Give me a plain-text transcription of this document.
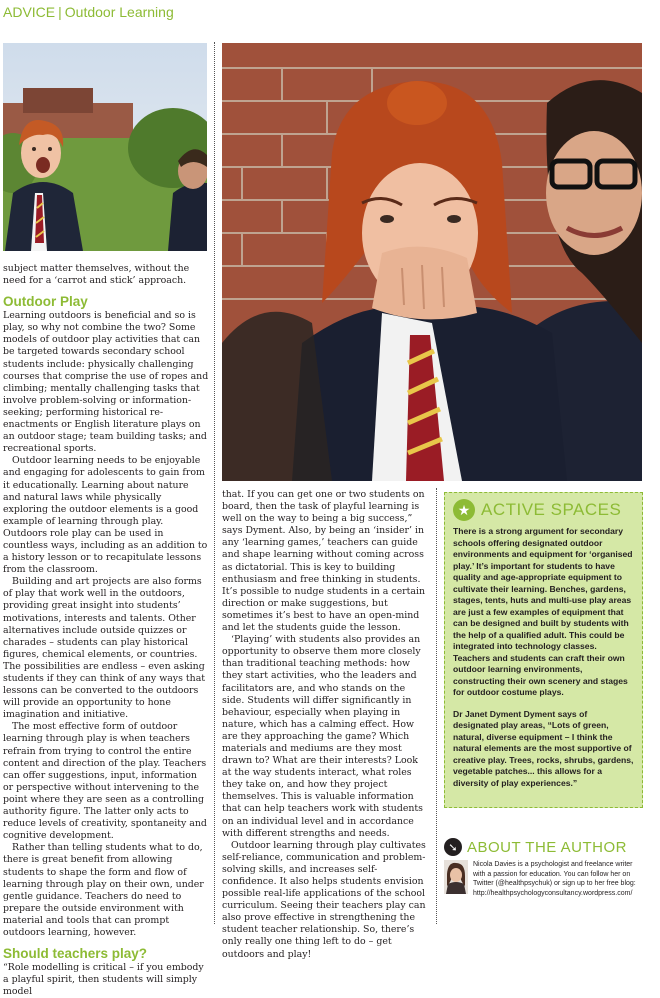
ADVICE | Outdoor Learning

subject matter themselves, without the need for a ‘carrot and stick’ approach.

Outdoor Play

Learning outdoors is beneficial and so is play, so why not combine the two? Some models of outdoor play activities that can be targeted towards secondary school students include: physically challenging courses that comprise the use of ropes and climbing; mentally challenging tasks that involve problem-solving or information-seeking; performing historical re-enactments or English literature plays on an outdoor stage; team building tasks; and recreational sports.

Outdoor learning needs to be enjoyable and engaging for adolescents to gain from it educationally. Learning about nature and natural laws while physically exploring the outdoor elements is a good example of learning through play. Outdoors role play can be used in countless ways, including as an addition to a history lesson or to recapitulate lessons from the classroom.

Building and art projects are also forms of play that work well in the outdoors, providing great insight into students’ motivations, interests and talents. Other alternatives include outside quizzes or charades – students can play historical figures, chemical elements, or countries. The possibilities are endless – even asking students if they can think of any ways that lessons can be converted to the outdoors will provide an opportunity to hone imagination and initiative.

The most effective form of outdoor learning through play is when teachers refrain from trying to control the entire content and direction of the play. Teachers can offer suggestions, input, information or perspective without intervening to the point where they are seen as a controlling authority figure. The latter only acts to reduce levels of creativity, spontaneity and cognitive development.

Rather than telling students what to do, there is great benefit from allowing students to shape the form and flow of learning through play on their own, under gentle guidance. Teachers do need to prepare the outside environment with material and tools that can prompt outdoors learning, however.

Should teachers play?

“Role modelling is critical – if you embody a playful spirit, then students will simply model

that. If you can get one or two students on board, then the task of playful learning is well on the way to being a big success,” says Dyment. Also, by being an ‘insider’ in any ‘learning games,’ teachers can guide and shape learning without coming across as dictatorial. This is key to building enthusiasm and free thinking in students. It’s possible to nudge students in a certain direction or make suggestions, but sometimes it’s best to have an open-mind and let the students guide the lesson.

‘Playing’ with students also provides an opportunity to observe them more closely than traditional teaching methods: how they start activities, who the leaders and facilitators are, and who stands on the side. Students will differ significantly in behaviour, especially when playing in nature, which has a calming effect. How are they approaching the game? Which materials and mediums are they most drawn to? What are their interests? Look at the way students interact, what roles they take on, and how they project themselves. This is valuable information that can help teachers work with students on an individual level and in accordance with different strengths and needs.

Outdoor learning through play cultivates self-reliance, communication and problem-solving skills, and increases self-confidence. It also helps students envision possible real-life applications of the school curriculum. Seeing their teachers play can also prove effective in strengthening the student teacher relationship. So, there’s only really one thing left to do – get outdoors and play!

★ ACTIVE SPACES

There is a strong argument for secondary schools offering designated outdoor environments and equipment for ‘organised play.’ It’s important for students to have quality and age-appropriate equipment to cultivate their learning. Benches, gardens, stages, tents, huts and multi-use play areas are just a few examples of equipment that can be designed and built by students with the help of a qualified adult. This could be integrated into technology classes. Teachers and students can craft their own outdoor learning environments, constructing their own scenery and stages for outdoor costume plays.

Dr Janet Dyment Dyment says of designated play areas, “Lots of green, natural, diverse equipment – I think the natural elements are the most supportive of creative play. Trees, rocks, shrubs, gardens, vegetable patches... this allows for a diversity of play experiences.”

➘ ABOUT THE AUTHOR
Nicola Davies is a psychologist and freelance writer with a passion for education. You can follow her on Twitter (@healthpsychuk) or sign up to her free blog: http://healthpsychologyconsultancy.wordpress.com/
